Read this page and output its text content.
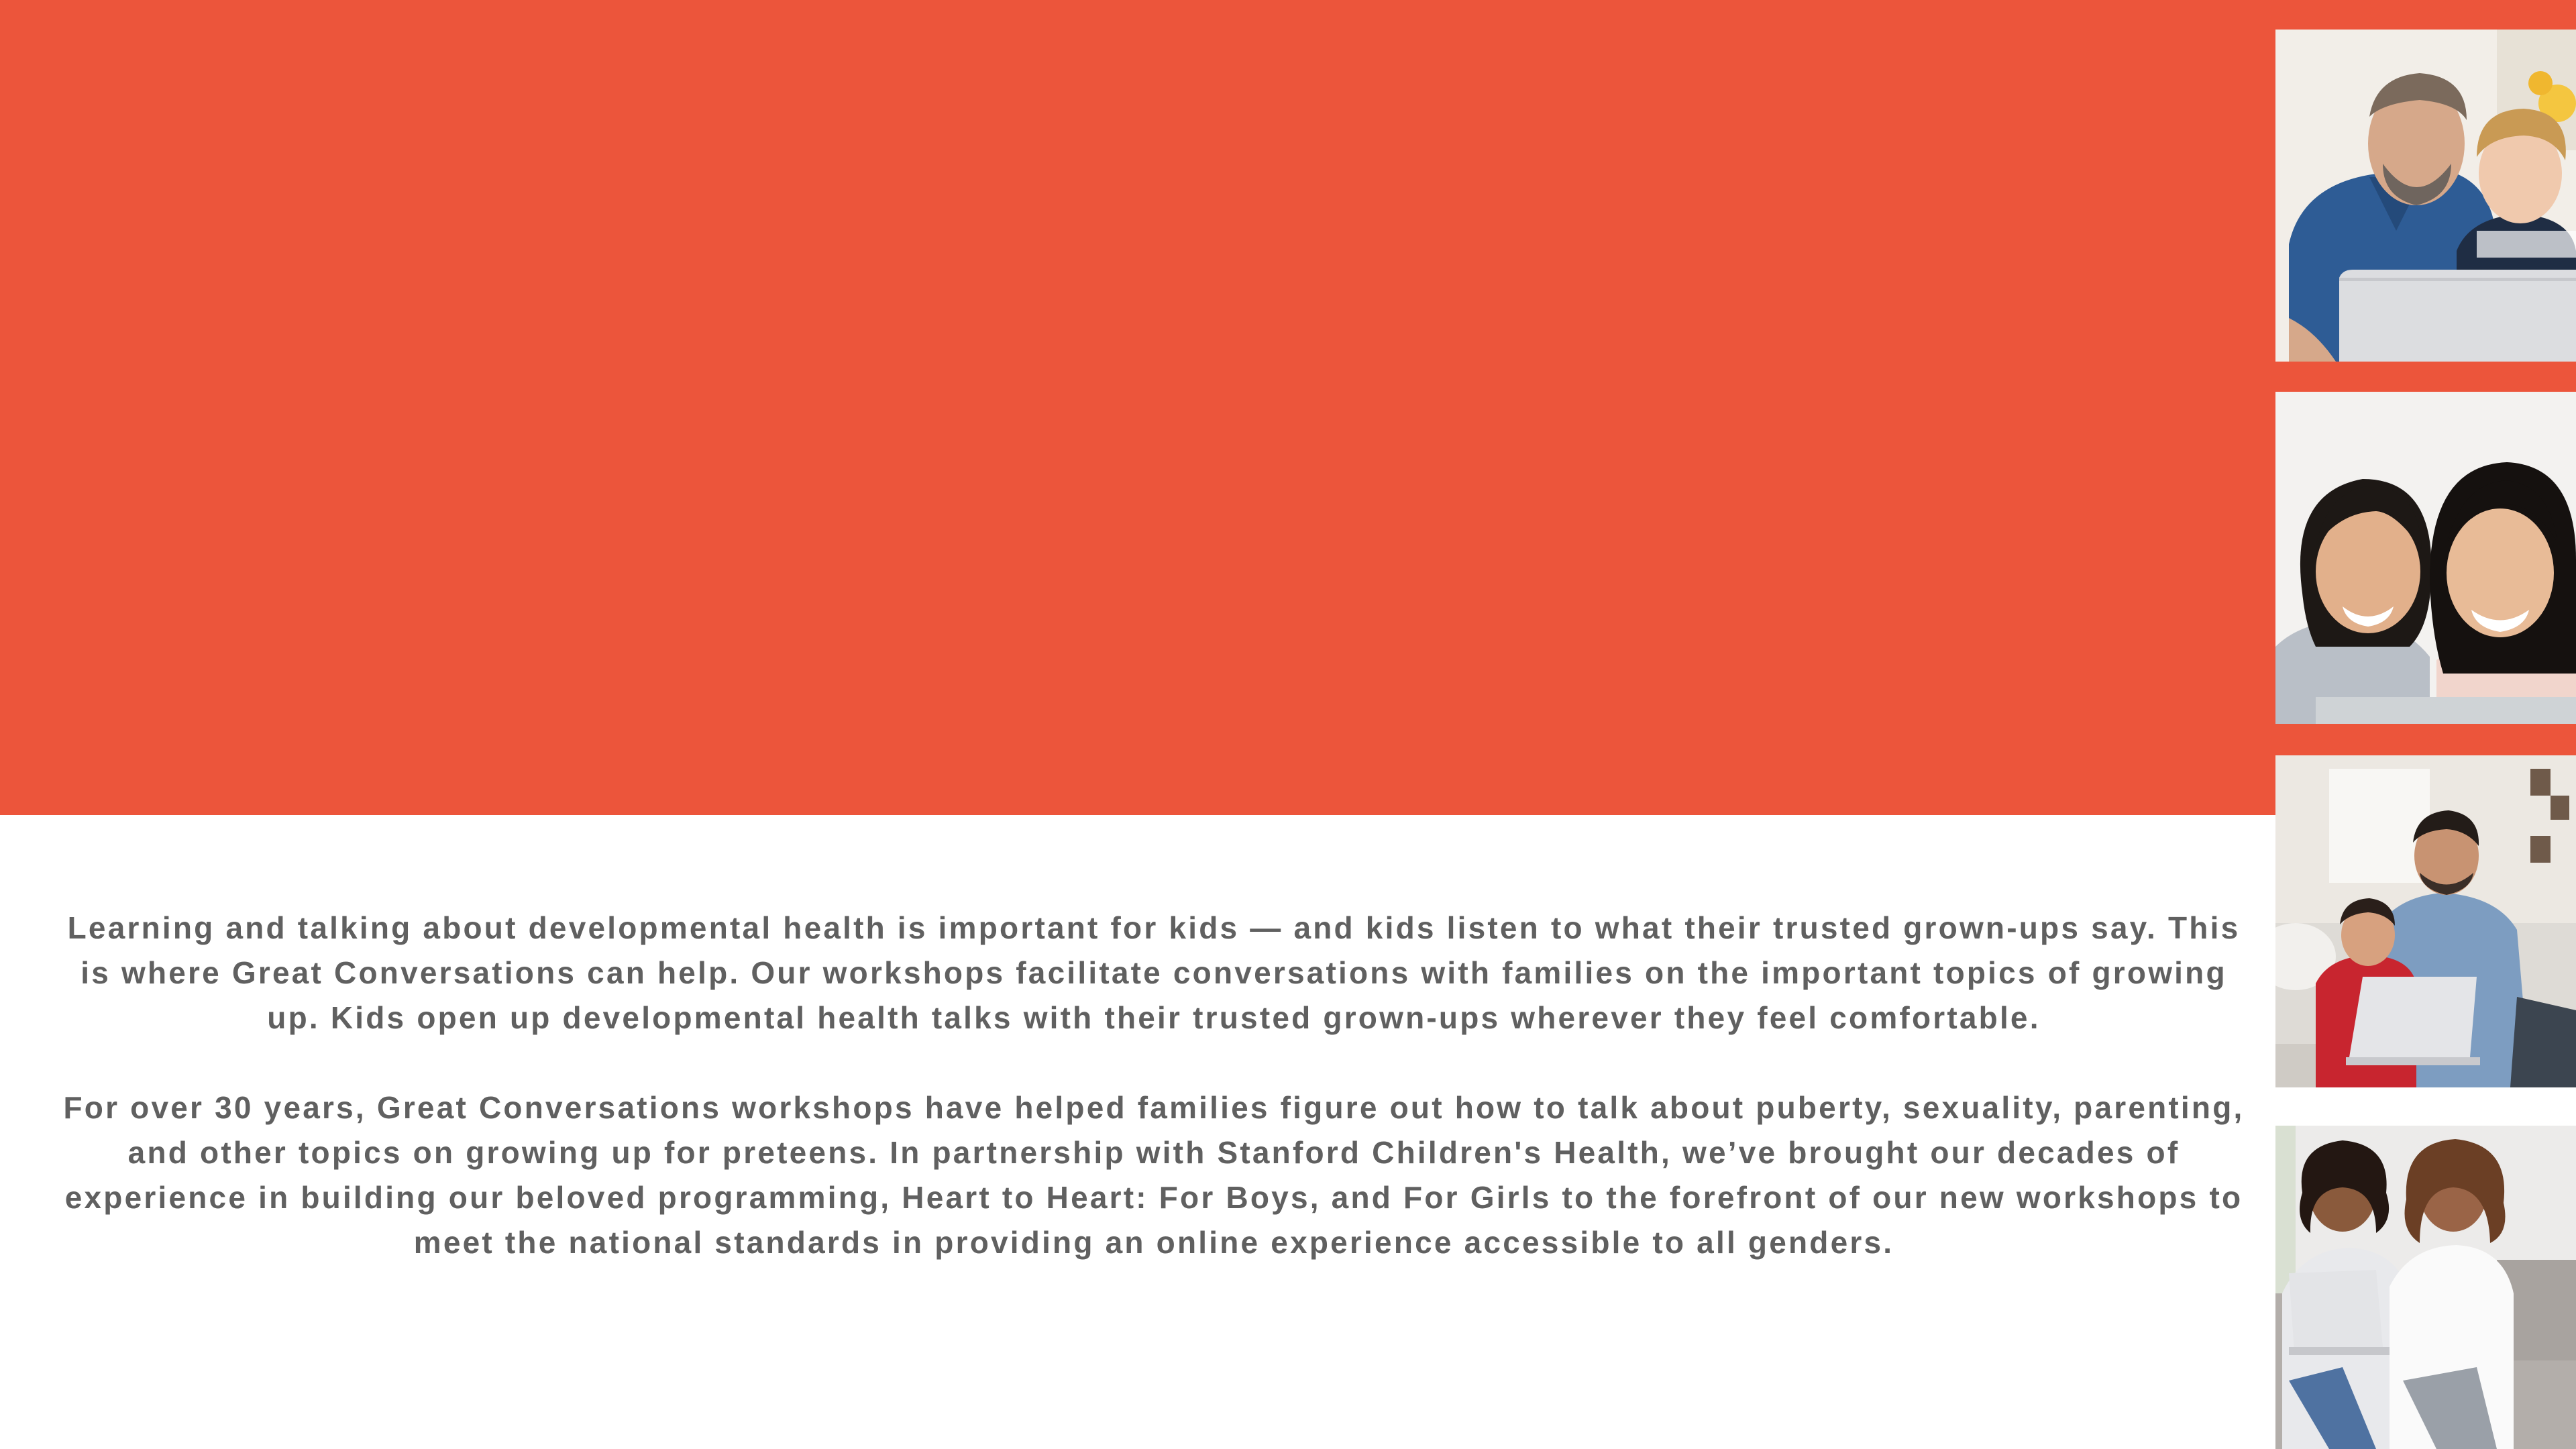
Learning and talking about developmental health is important for kids — and kids listen to what their trusted grown-ups say. This is where Great Conversations can help. Our workshops facilitate conversations with families on the important topics of growing up. Kids open up developmental health talks with their trusted grown-ups wherever they feel comfortable.

For over 30 years, Great Conversations workshops have helped families figure out how to talk about puberty, sexuality, parenting, and other topics on growing up for preteens. In partnership with Stanford Children's Health, we’ve brought our decades of experience in building our beloved programming, Heart to Heart: For Boys, and For Girls to the forefront of our new workshops to meet the national standards in providing an online experience accessible to all genders.
